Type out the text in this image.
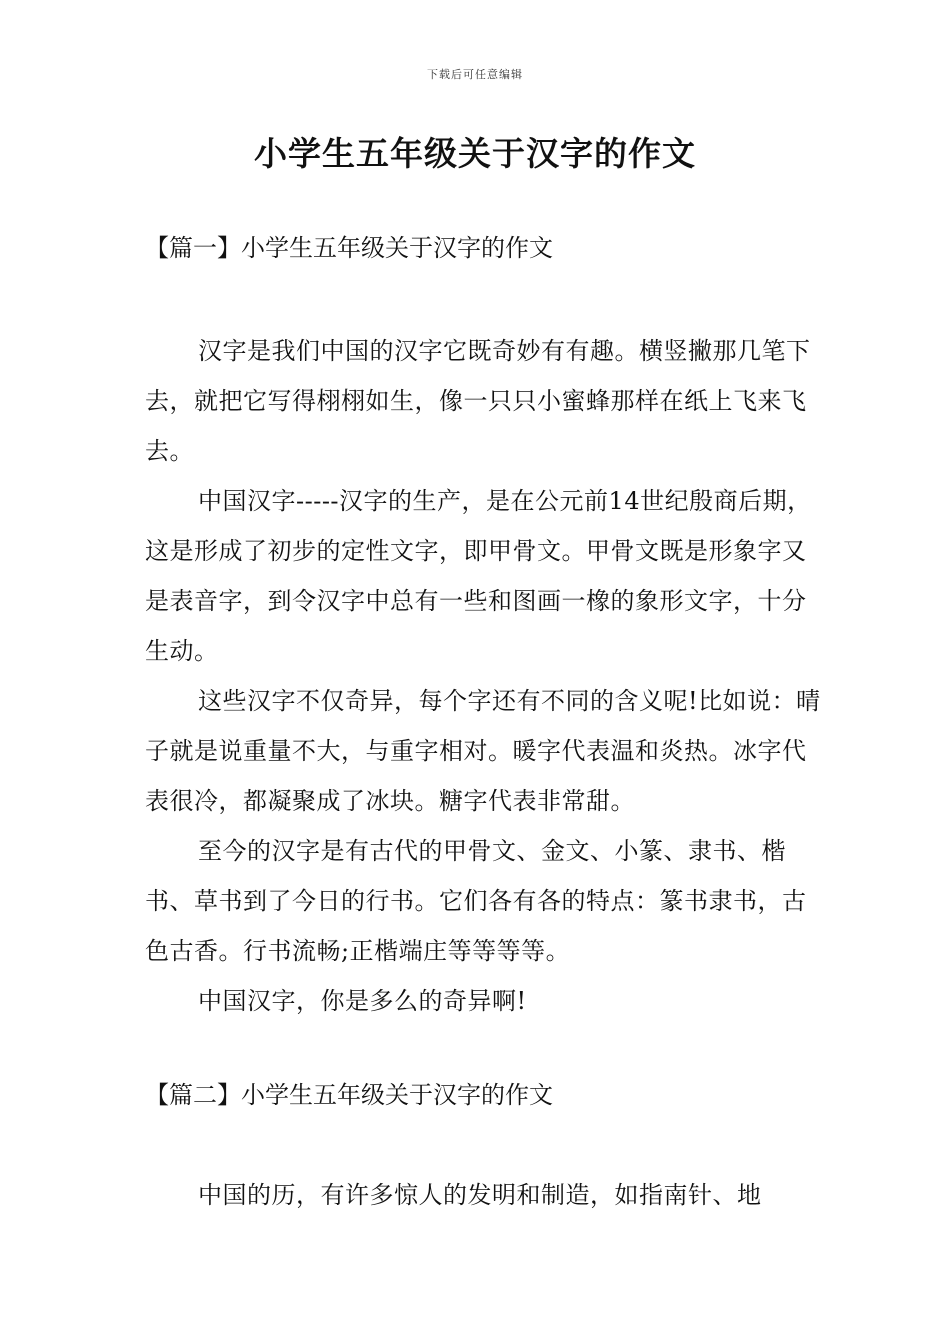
下载后可任意编辑
小学生五年级关于汉字的作文
【篇一】小学生五年级关于汉字的作文

汉字是我们中国的汉字它既奇妙有有趣。横竖撇那几笔下去，就把它写得栩栩如生，像一只只小蜜蜂那样在纸上飞来飞去。

中国汉字-----汉字的生产，是在公元前14世纪殷商后期，这是形成了初步的定性文字，即甲骨文。甲骨文既是形象字又是表音字，到令汉字中总有一些和图画一橡的象形文字，十分生动。

这些汉字不仅奇异，每个字还有不同的含义呢!比如说：晴子就是说重量不大，与重字相对。暖字代表温和炎热。冰字代表很冷，都凝聚成了冰块。糖字代表非常甜。

至今的汉字是有古代的甲骨文、金文、小篆、隶书、楷书、草书到了今日的行书。它们各有各的特点：篆书隶书，古色古香。行书流畅;正楷端庄等等等等。

中国汉字，你是多么的奇异啊!

【篇二】小学生五年级关于汉字的作文

中国的历，有许多惊人的发明和制造，如指南针、地
